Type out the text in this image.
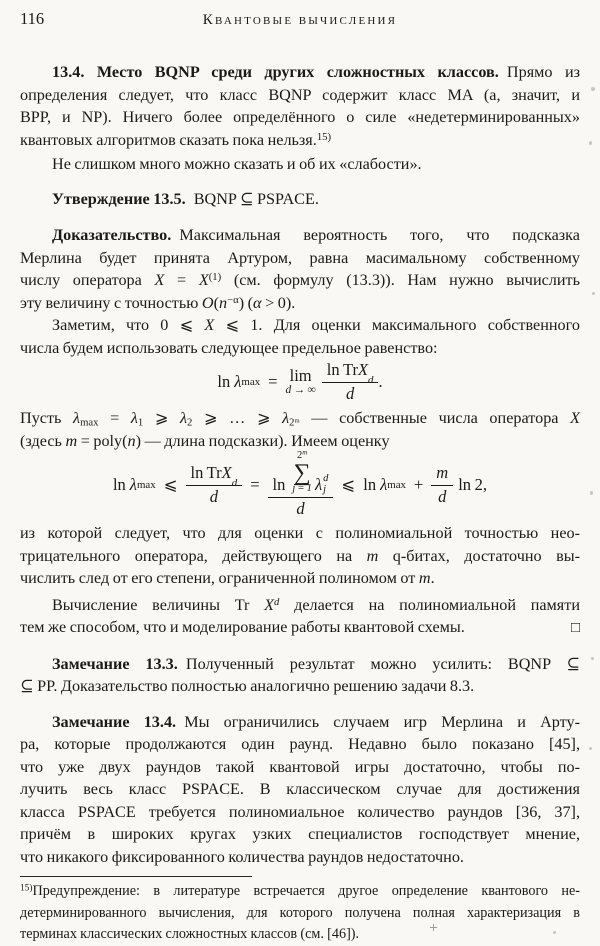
116	Квантовые вычисления
13.4. Место BQNP среди других сложностных классов. Прямо из
определения следует, что класс BQNP содержит класс MA (а, значит, и
BPP, и NP). Ничего более определённого о силе «недетерминированных»
квантовых алгоритмов сказать пока нельзя.$^{15)}$
Не слишком много можно сказать и об их «слабости».
Утверждение 13.5. BQNP ⊆ PSPACE.
Доказательство. Максимальная вероятность того, что подсказка
Мерлина будет принята Артуром, равна масимальному собственному
числу оператора $X = X^{(1)}$ (см. формулу (13.3)). Нам нужно вычислить
эту величину с точностью $O(n^{-\alpha}) (\alpha > 0)$.
Заметим, что 0 ⩽ X ⩽ 1. Для оценки максимального собственного
числа будем использовать следующее предельное равенство:
ln λ max = lim
d → ∞ ln Tr X
d
d .
Пусть $\lambda_{max} = \lambda_1$ ⩾ $\lambda_2$ ⩾ … ⩾ $\lambda_{2ᵐ}$ — собственные числа оператора X
(здесь m = poly(n) — длина подсказки). Имеем оценку
ln λ max ⩽ ln Tr X
d
d = ln
2$^m$
∑
j = 1 λ d
j
d
⩽ ln λ $\max + \frac{m}{d}$ ln 2,
из которой следует, что для оценки с полиномиальной точностью нео-
трицательного оператора, действующего на m q-битах, достаточно вы-
числить след от его степени, ограниченной полиномом от m.
Вычисление величины Tr $X^d$ делается на полиномиальной памяти
тем же способом, что и моделирование работы квантовой схемы.	□
Замечание 13.3. Полученный результат можно усилить: BQNP ⊆
⊆ PP. Доказательство полностью аналогично решению задачи 8.3.
Замечание 13.4. Мы ограничились случаем игр Мерлина и Арту-
ра, которые продолжаются один раунд. Недавно было показано [45],
что уже двух раундов такой квантовой игры достаточно, чтобы по-
лучить весь класс PSPACE. В классическом случае для достижения
класса PSPACE требуется полиномиальное количество раундов [36, 37],
причём в широких кругах узких специалистов господствует мнение,
что никакого фиксированного количества раундов недостаточно.
$^{15)}$Предупреждение: в литературе встречается другое определение квантового не-
детерминированного вычисления, для которого получена полная характеризация в
терминах классических сложностных классов (см. [46]).
